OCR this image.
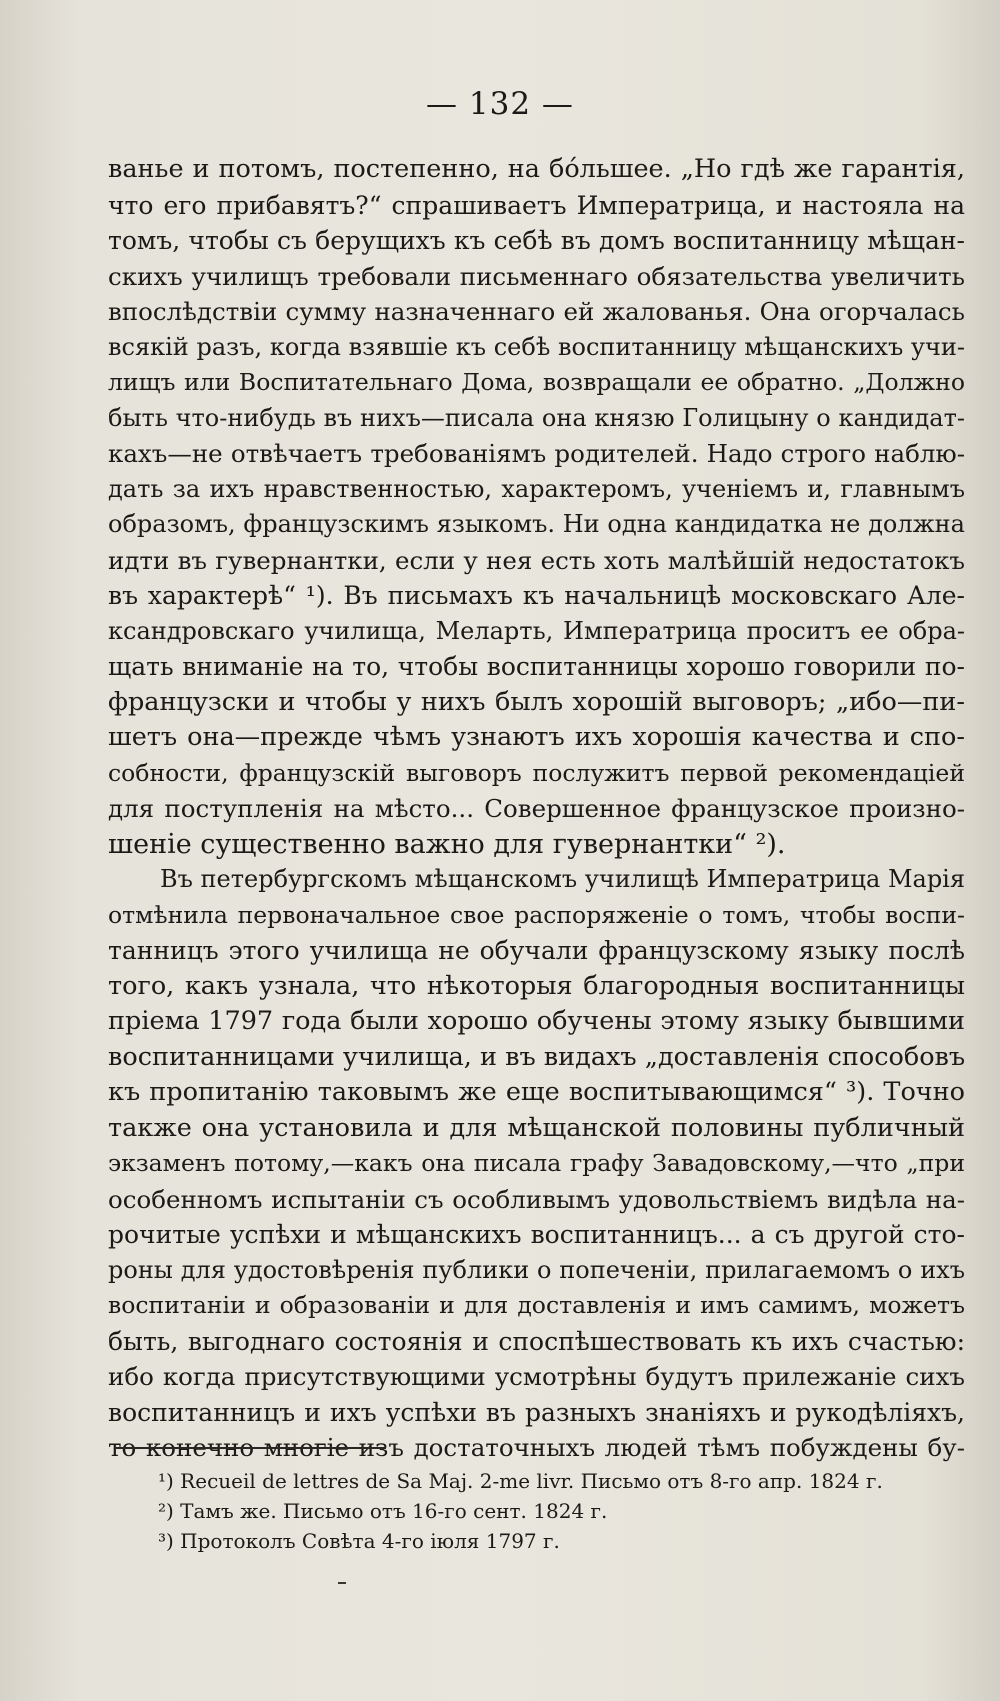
— 132 —
ванье и потомъ, постепенно, на бо́льшее. „Но гдѣ же гарантія,
что его прибавятъ?“ спрашиваетъ Императрица, и настояла на
томъ, чтобы съ берущихъ къ себѣ въ домъ воспитанницу мѣщан-
скихъ училищъ требовали письменнаго обязательства увеличить
впослѣдствіи сумму назначеннаго ей жалованья. Она огорчалась
всякій разъ, когда взявшіе къ себѣ воспитанницу мѣщанскихъ учи-
лищъ или Воспитательнаго Дома, возвращали ее обратно. „Должно
быть что-нибудь въ нихъ—писала она князю Голицыну о кандидат-
кахъ—не отвѣчаетъ требованіямъ родителей. Надо строго наблю-
дать за ихъ нравственностью, характеромъ, ученіемъ и, главнымъ
образомъ, французскимъ языкомъ. Ни одна кандидатка не должна
идти въ гувернантки, если у нея есть хоть малѣйшій недостатокъ
въ характерѣ“ ¹). Въ письмахъ къ начальницѣ московскаго Але-
ксандровскаго училища, Меларть, Императрица проситъ ее обра-
щать вниманіе на то, чтобы воспитанницы хорошо говорили по-
французски и чтобы у нихъ былъ хорошій выговоръ; „ибо—пи-
шетъ она—прежде чѣмъ узнаютъ ихъ хорошія качества и спо-
собности, французскій выговоръ послужитъ первой рекомендаціей
для поступленія на мѣсто... Совершенное французское произно-
шеніе существенно важно для гувернантки“ ²).
Въ петербургскомъ мѣщанскомъ училищѣ Императрица Марія
отмѣнила первоначальное свое распоряженіе о томъ, чтобы воспи-
танницъ этого училища не обучали французскому языку послѣ
того, какъ узнала, что нѣкоторыя благородныя воспитанницы
пріема 1797 года были хорошо обучены этому языку бывшими
воспитанницами училища, и въ видахъ „доставленія способовъ
къ пропитанію таковымъ же еще воспитывающимся“ ³). Точно
также она установила и для мѣщанской половины публичный
экзаменъ потому,—какъ она писала графу Завадовскому,—что „при
особенномъ испытаніи съ особливымъ удовольствіемъ видѣла на-
рочитые успѣхи и мѣщанскихъ воспитанницъ... а съ другой сто-
роны для удостовѣренія публики о попеченіи, прилагаемомъ о ихъ
воспитаніи и образованіи и для доставленія и имъ самимъ, можетъ
быть, выгоднаго состоянія и споспѣшествовать къ ихъ счастью:
ибо когда присутствующими усмотрѣны будутъ прилежаніе сихъ
воспитанницъ и ихъ успѣхи въ разныхъ знаніяхъ и рукодѣліяхъ,
то конечно многіе изъ достаточныхъ людей тѣмъ побуждены бу-
¹) Recueil de lettres de Sa Maj. 2-me livr. Письмо отъ 8-го апр. 1824 г.
²) Тамъ же. Письмо отъ 16-го сент. 1824 г.
³) Протоколъ Совѣта 4-го іюля 1797 г.
